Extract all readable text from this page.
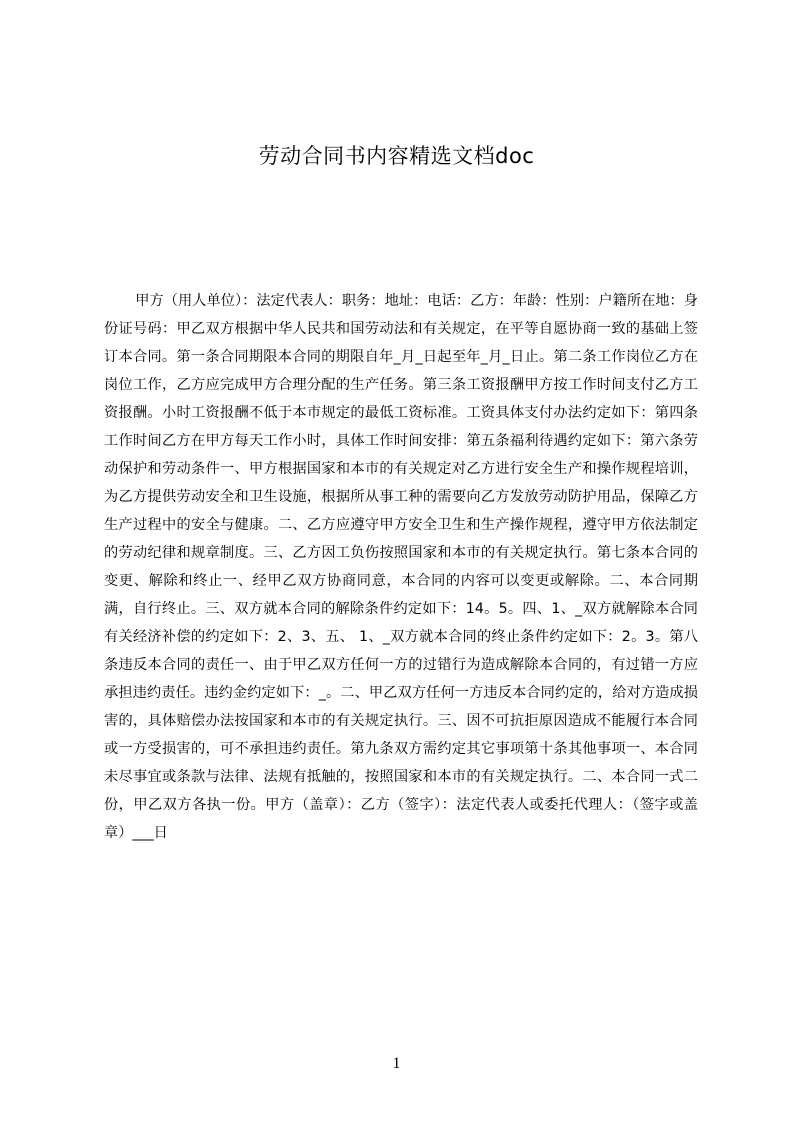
劳动合同书内容精选文档doc

甲方（用人单位）：法定代表人：职务：地址：电话：乙方：年龄：性别：户籍所在地：身份证号码：甲乙双方根据中华人民共和国劳动法和有关规定，在平等自愿协商一致的基础上签订本合同。第一条合同期限本合同的期限自年_月_日起至年_月_日止。第二条工作岗位乙方在岗位工作，乙方应完成甲方合理分配的生产任务。第三条工资报酬甲方按工作时间支付乙方工资报酬。小时工资报酬不低于本市规定的最低工资标准。工资具体支付办法约定如下：第四条工作时间乙方在甲方每天工作小时，具体工作时间安排：第五条福利待遇约定如下：第六条劳动保护和劳动条件一、甲方根据国家和本市的有关规定对乙方进行安全生产和操作规程培训，为乙方提供劳动安全和卫生设施，根据所从事工种的需要向乙方发放劳动防护用品，保障乙方生产过程中的安全与健康。二、乙方应遵守甲方安全卫生和生产操作规程，遵守甲方依法制定的劳动纪律和规章制度。三、乙方因工负伤按照国家和本市的有关规定执行。第七条本合同的变更、解除和终止一、经甲乙双方协商同意，本合同的内容可以变更或解除。二、本合同期满，自行终止。三、双方就本合同的解除条件约定如下：14。5。四、1、_双方就解除本合同有关经济补偿的约定如下：2、3、五、 1、_双方就本合同的终止条件约定如下：2。3。第八条违反本合同的责任一、由于甲乙双方任何一方的过错行为造成解除本合同的，有过错一方应承担违约责任。违约金约定如下：_。二、甲乙双方任何一方违反本合同约定的，给对方造成损害的，具体赔偿办法按国家和本市的有关规定执行。三、因不可抗拒原因造成不能履行本合同或一方受损害的，可不承担违约责任。第九条双方需约定其它事项第十条其他事项一、本合同未尽事宜或条款与法律、法规有抵触的，按照国家和本市的有关规定执行。二、本合同一式二份，甲乙双方各执一份。甲方（盖章）：乙方（签字）：法定代表人或委托代理人：（签字或盖章）___日

1
